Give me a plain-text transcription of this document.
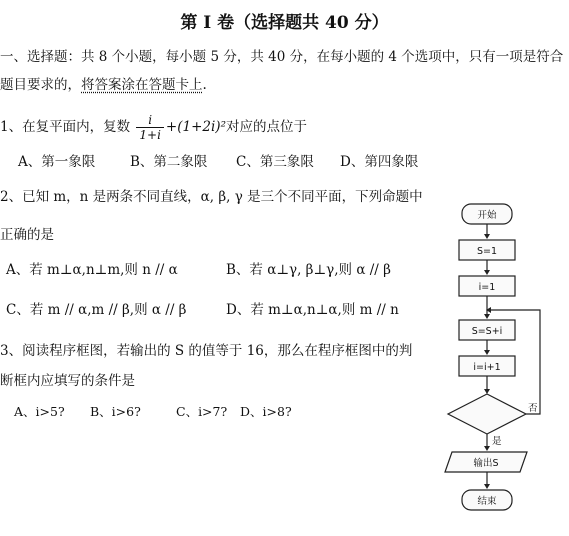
第 I 卷（选择题共 40 分）
一、选择题：共 8 个小题，每小题 5 分，共 40 分，在每小题的 4 个选项中，只有一项是符合
题目要求的，将答案涂在答题卡上.
1、在复平面内，复数 $\frac{i}{1+i} +(1+2i)^2$对应的点位于
A、第一象限	B、第二象限 C、第三象限 D、第四象限
2、已知 m，n 是两条不同直线，α, β, γ 是三个不同平面，下列命题中
正确的是
A、若 m⊥α,n⊥m,则 n // α	B、若 α⊥γ, β⊥γ,则 α // β
C、若 m // α,m // β,则 α // β	D、若 m⊥α,n⊥α,则 m // n
3、阅读程序框图，若输出的 S 的值等于 16，那么在程序框图中的判
断框内应填写的条件是
A、i>5? B、i>6?	C、i>7? D、i>8?
开始
S=1
i=1
S=S+i
i=i+1
否
是
输出S
结束
